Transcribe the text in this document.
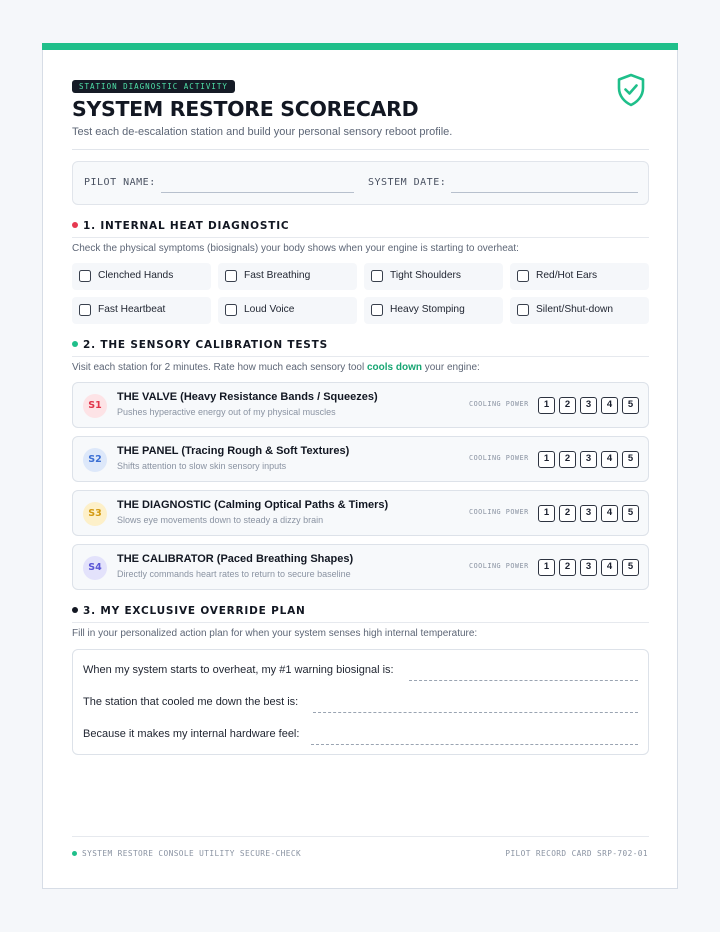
STATION DIAGNOSTIC ACTIVITY
SYSTEM RESTORE SCORECARD
Test each de-escalation station and build your personal sensory reboot profile.
PILOT NAME:	SYSTEM DATE:
1. INTERNAL HEAT DIAGNOSTIC
Check the physical symptoms (biosignals) your body shows when your engine is starting to overheat:
Clenched Hands	Fast Breathing	Tight Shoulders	Red/Hot Ears
Fast Heartbeat	Loud Voice	Heavy Stomping	Silent/Shut-down
2. THE SENSORY CALIBRATION TESTS
Visit each station for 2 minutes. Rate how much each sensory tool cools down your engine:
S1
THE VALVE (Heavy Resistance Bands / Squeezes)
Pushes hyperactive energy out of my physical muscles
COOLING POWER	1	2	3	4	5
S2
THE PANEL (Tracing Rough & Soft Textures)
Shifts attention to slow skin sensory inputs
COOLING POWER	1	2	3	4	5
S3
THE DIAGNOSTIC (Calming Optical Paths & Timers)
Slows eye movements down to steady a dizzy brain
COOLING POWER	1	2	3	4	5
S4
THE CALIBRATOR (Paced Breathing Shapes)
Directly commands heart rates to return to secure baseline
COOLING POWER	1	2	3	4	5
3. MY EXCLUSIVE OVERRIDE PLAN
Fill in your personalized action plan for when your system senses high internal temperature:
When my system starts to overheat, my #1 warning biosignal is:
The station that cooled me down the best is:
Because it makes my internal hardware feel:
SYSTEM RESTORE CONSOLE UTILITY SECURE-CHECK	PILOT RECORD CARD SRP-702-01
